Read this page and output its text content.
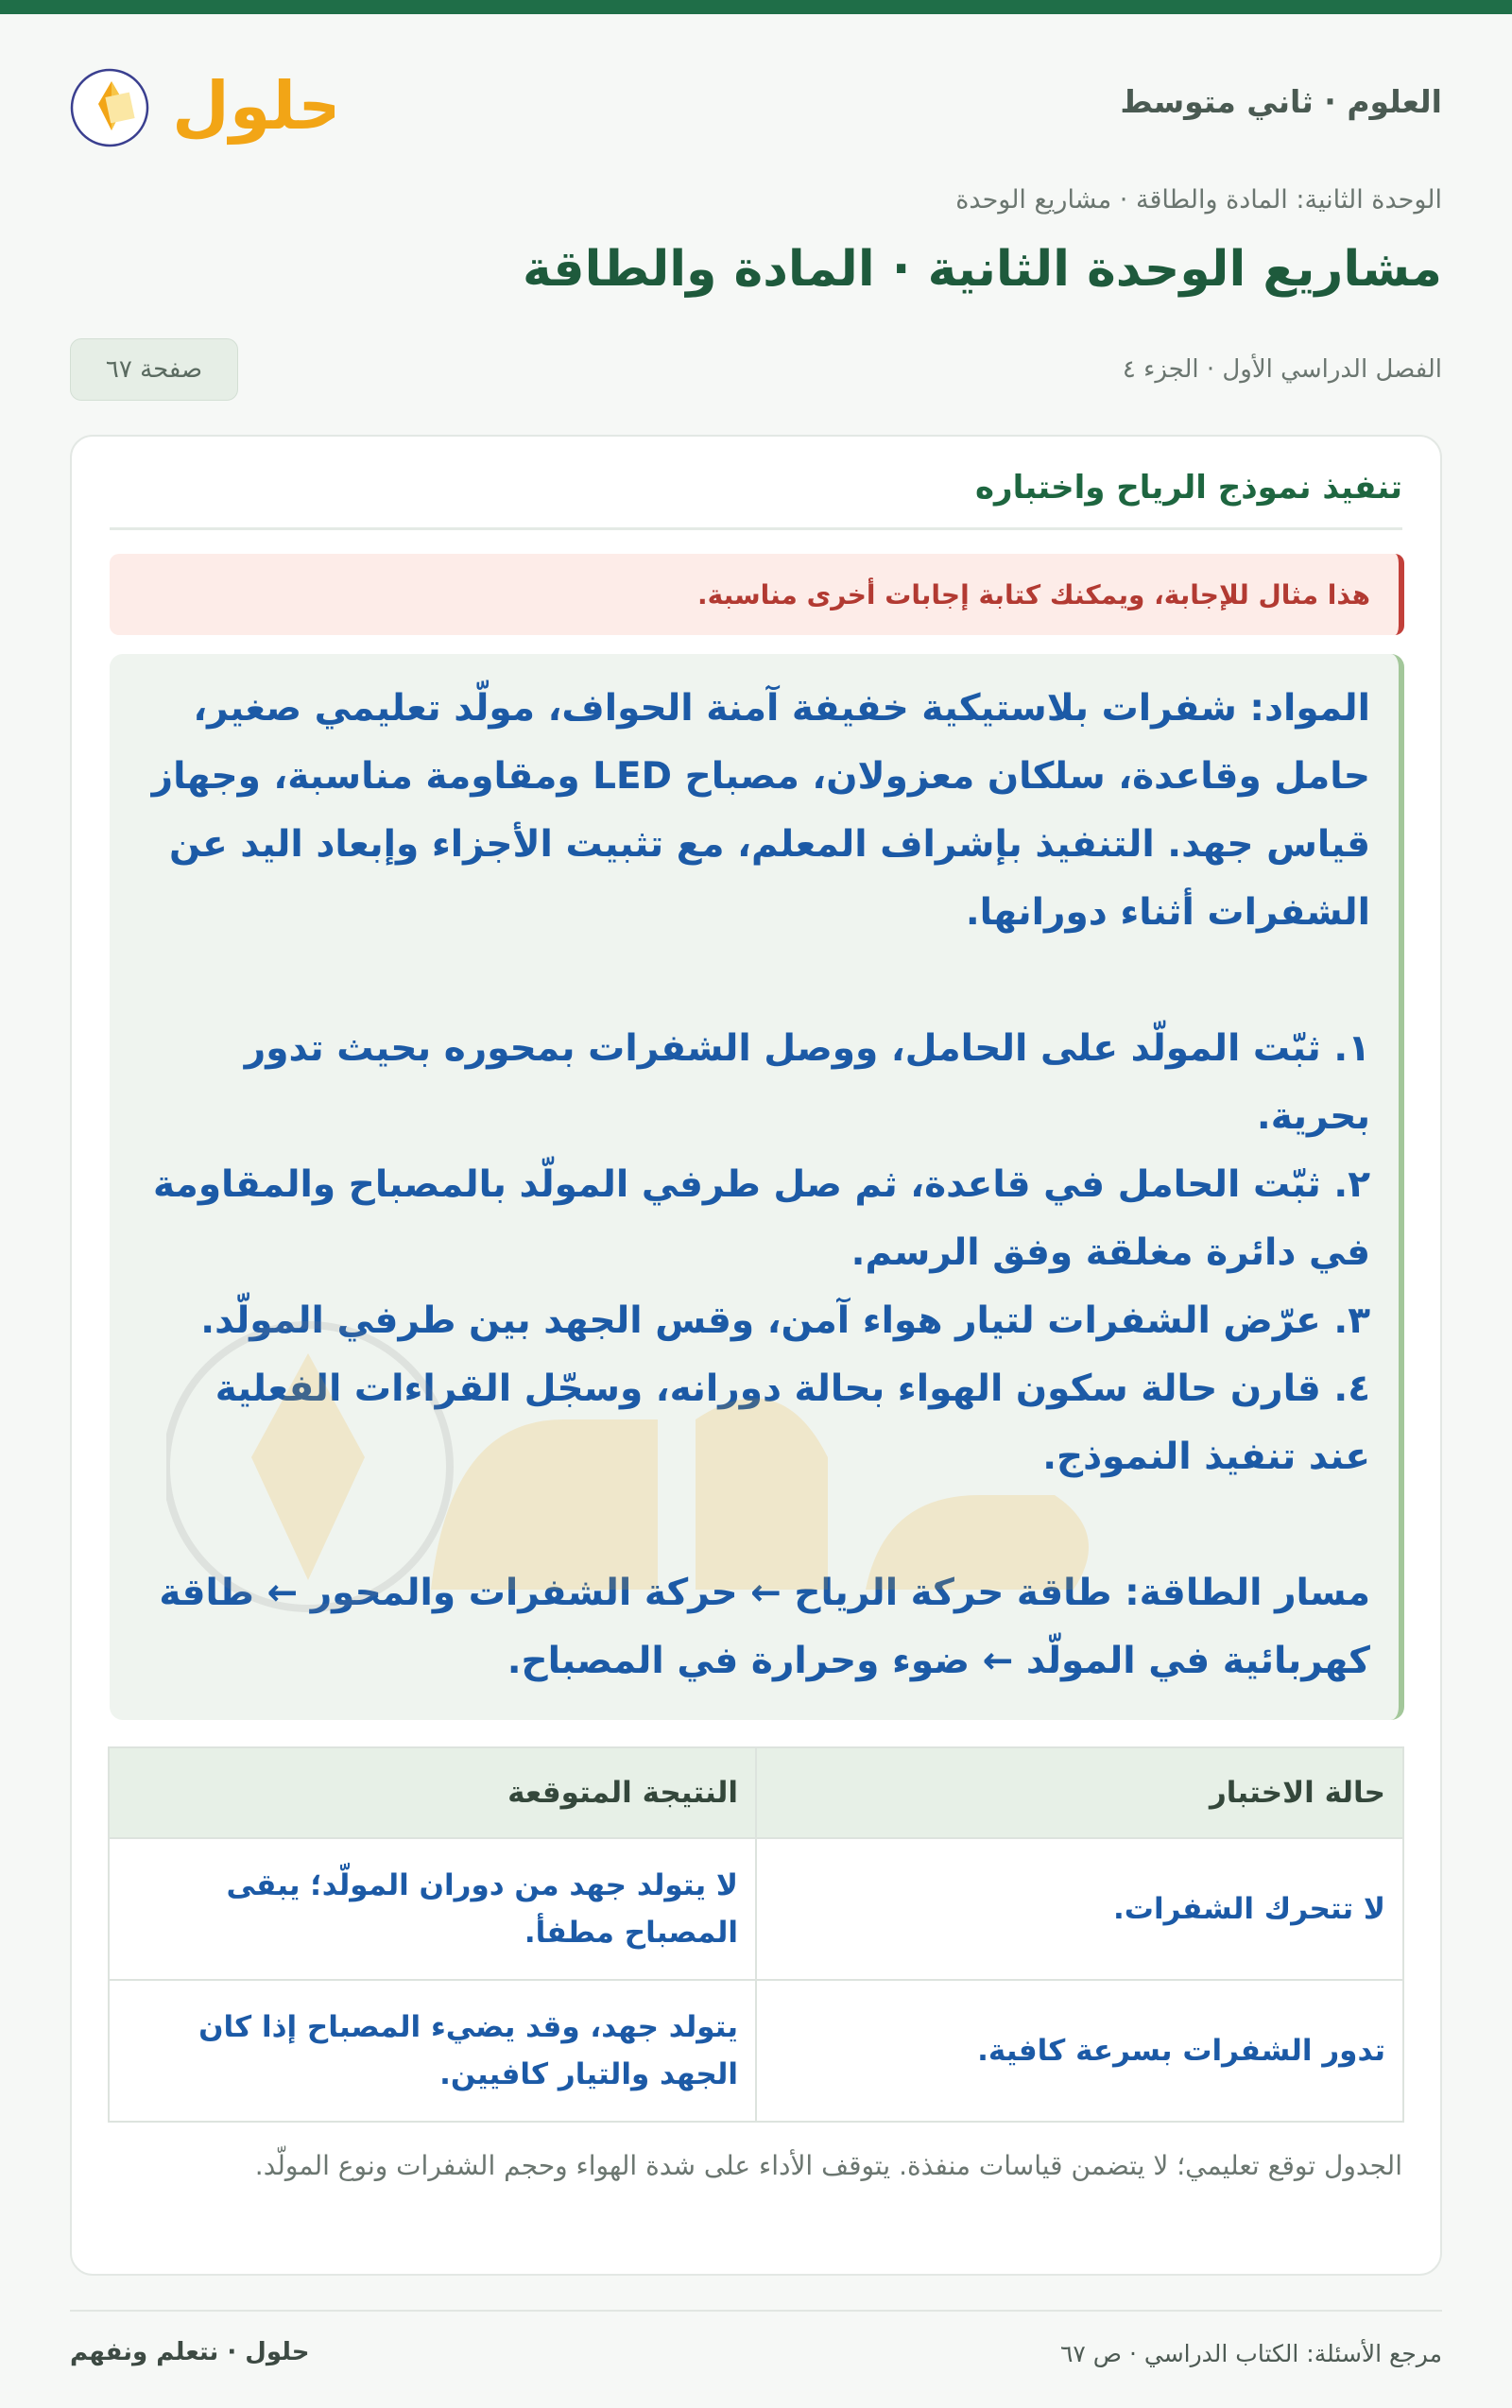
العلوم · ثاني متوسط
حلول
الوحدة الثانية: المادة والطاقة · مشاريع الوحدة
مشاريع الوحدة الثانية · المادة والطاقة
الفصل الدراسي الأول · الجزء ٤
صفحة ٦٧
تنفيذ نموذج الرياح واختباره
هذا مثال للإجابة، ويمكنك كتابة إجابات أخرى مناسبة.

المواد: شفرات بلاستيكية خفيفة آمنة الحواف، مولّد تعليمي صغير، حامل وقاعدة، سلكان معزولان، مصباح LED ومقاومة مناسبة، وجهاز قياس جهد. التنفيذ بإشراف المعلم، مع تثبيت الأجزاء وإبعاد اليد عن الشفرات أثناء دورانها.

١. ثبّت المولّد على الحامل، ووصل الشفرات بمحوره بحيث تدور بحرية.

٢. ثبّت الحامل في قاعدة، ثم صل طرفي المولّد بالمصباح والمقاومة في دائرة مغلقة وفق الرسم.

٣. عرّض الشفرات لتيار هواء آمن، وقس الجهد بين طرفي المولّد.

٤. قارن حالة سكون الهواء بحالة دورانه، وسجّل القراءات الفعلية عند تنفيذ النموذج.

مسار الطاقة: طاقة حركة الرياح ← حركة الشفرات والمحور ← طاقة كهربائية في المولّد ← ضوء وحرارة في المصباح.

حالة الاختبار	النتيجة المتوقعة
لا تتحرك الشفرات.	لا يتولد جهد من دوران المولّد؛ يبقى المصباح مطفأ.
تدور الشفرات بسرعة كافية.	يتولد جهد، وقد يضيء المصباح إذا كان الجهد والتيار كافيين.
الجدول توقع تعليمي؛ لا يتضمن قياسات منفذة. يتوقف الأداء على شدة الهواء وحجم الشفرات ونوع المولّد.
مرجع الأسئلة: الكتاب الدراسي · ص ٦٧
حلول · نتعلم ونفهم
